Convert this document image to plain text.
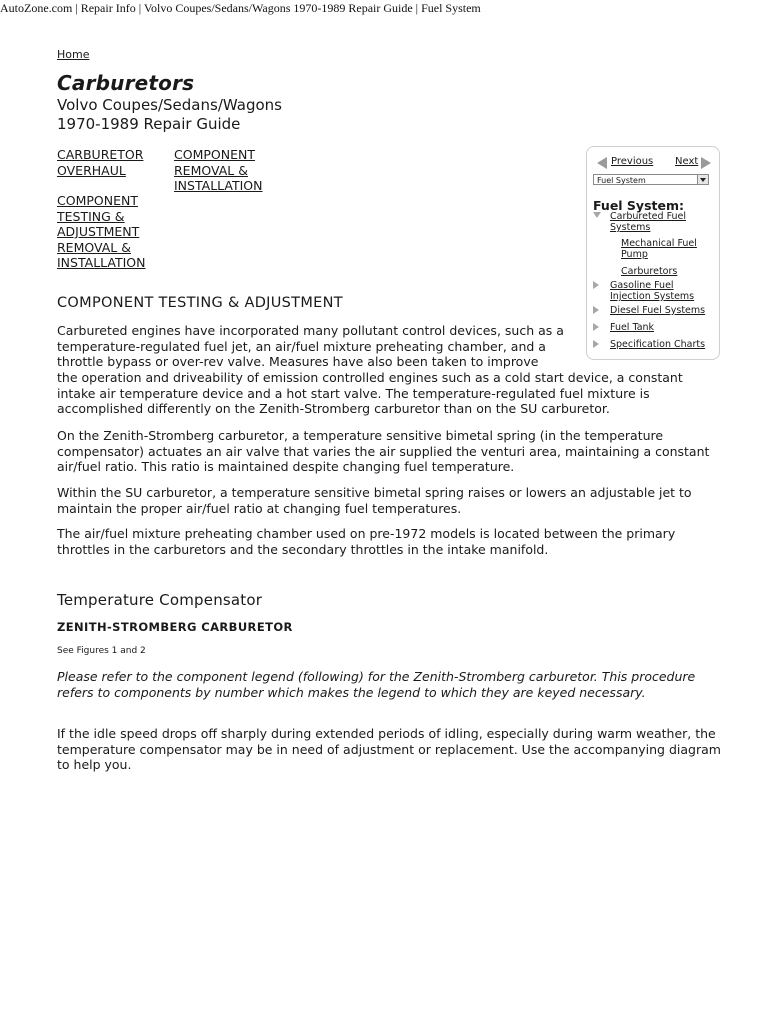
AutoZone.com | Repair Info | Volvo Coupes/Sedans/Wagons 1970-1989 Repair Guide | Fuel System
Home
Carburetors
Volvo Coupes/Sedans/Wagons
1970-1989 Repair Guide
CARBURETOR OVERHAUL
COMPONENT REMOVAL & INSTALLATION
COMPONENT TESTING & ADJUSTMENT REMOVAL & INSTALLATION
Previous Next
Fuel System
Fuel System:
Carbureted Fuel Systems
Mechanical Fuel Pump
Carburetors
Gasoline Fuel Injection Systems
Diesel Fuel Systems
Fuel Tank
Specification Charts
COMPONENT TESTING & ADJUSTMENT

Carbureted engines have incorporated many pollutant control devices, such as a temperature-regulated fuel jet, an air/fuel mixture preheating chamber, and a throttle bypass or over-rev valve. Measures have also been taken to improve

the operation and driveability of emission controlled engines such as a cold start device, a constant intake air temperature device and a hot start valve. The temperature-regulated fuel mixture is accomplished differently on the Zenith-Stromberg carburetor than on the SU carburetor.

On the Zenith-Stromberg carburetor, a temperature sensitive bimetal spring (in the temperature compensator) actuates an air valve that varies the air supplied the venturi area, maintaining a constant air/fuel ratio. This ratio is maintained despite changing fuel temperature.

Within the SU carburetor, a temperature sensitive bimetal spring raises or lowers an adjustable jet to maintain the proper air/fuel ratio at changing fuel temperatures.

The air/fuel mixture preheating chamber used on pre-1972 models is located between the primary throttles in the carburetors and the secondary throttles in the intake manifold.

Temperature Compensator
ZENITH-STROMBERG CARBURETOR
See Figures 1 and 2

Please refer to the component legend (following) for the Zenith-Stromberg carburetor. This procedure refers to components by number which makes the legend to which they are keyed necessary.

If the idle speed drops off sharply during extended periods of idling, especially during warm weather, the temperature compensator may be in need of adjustment or replacement. Use the accompanying diagram to help you.
